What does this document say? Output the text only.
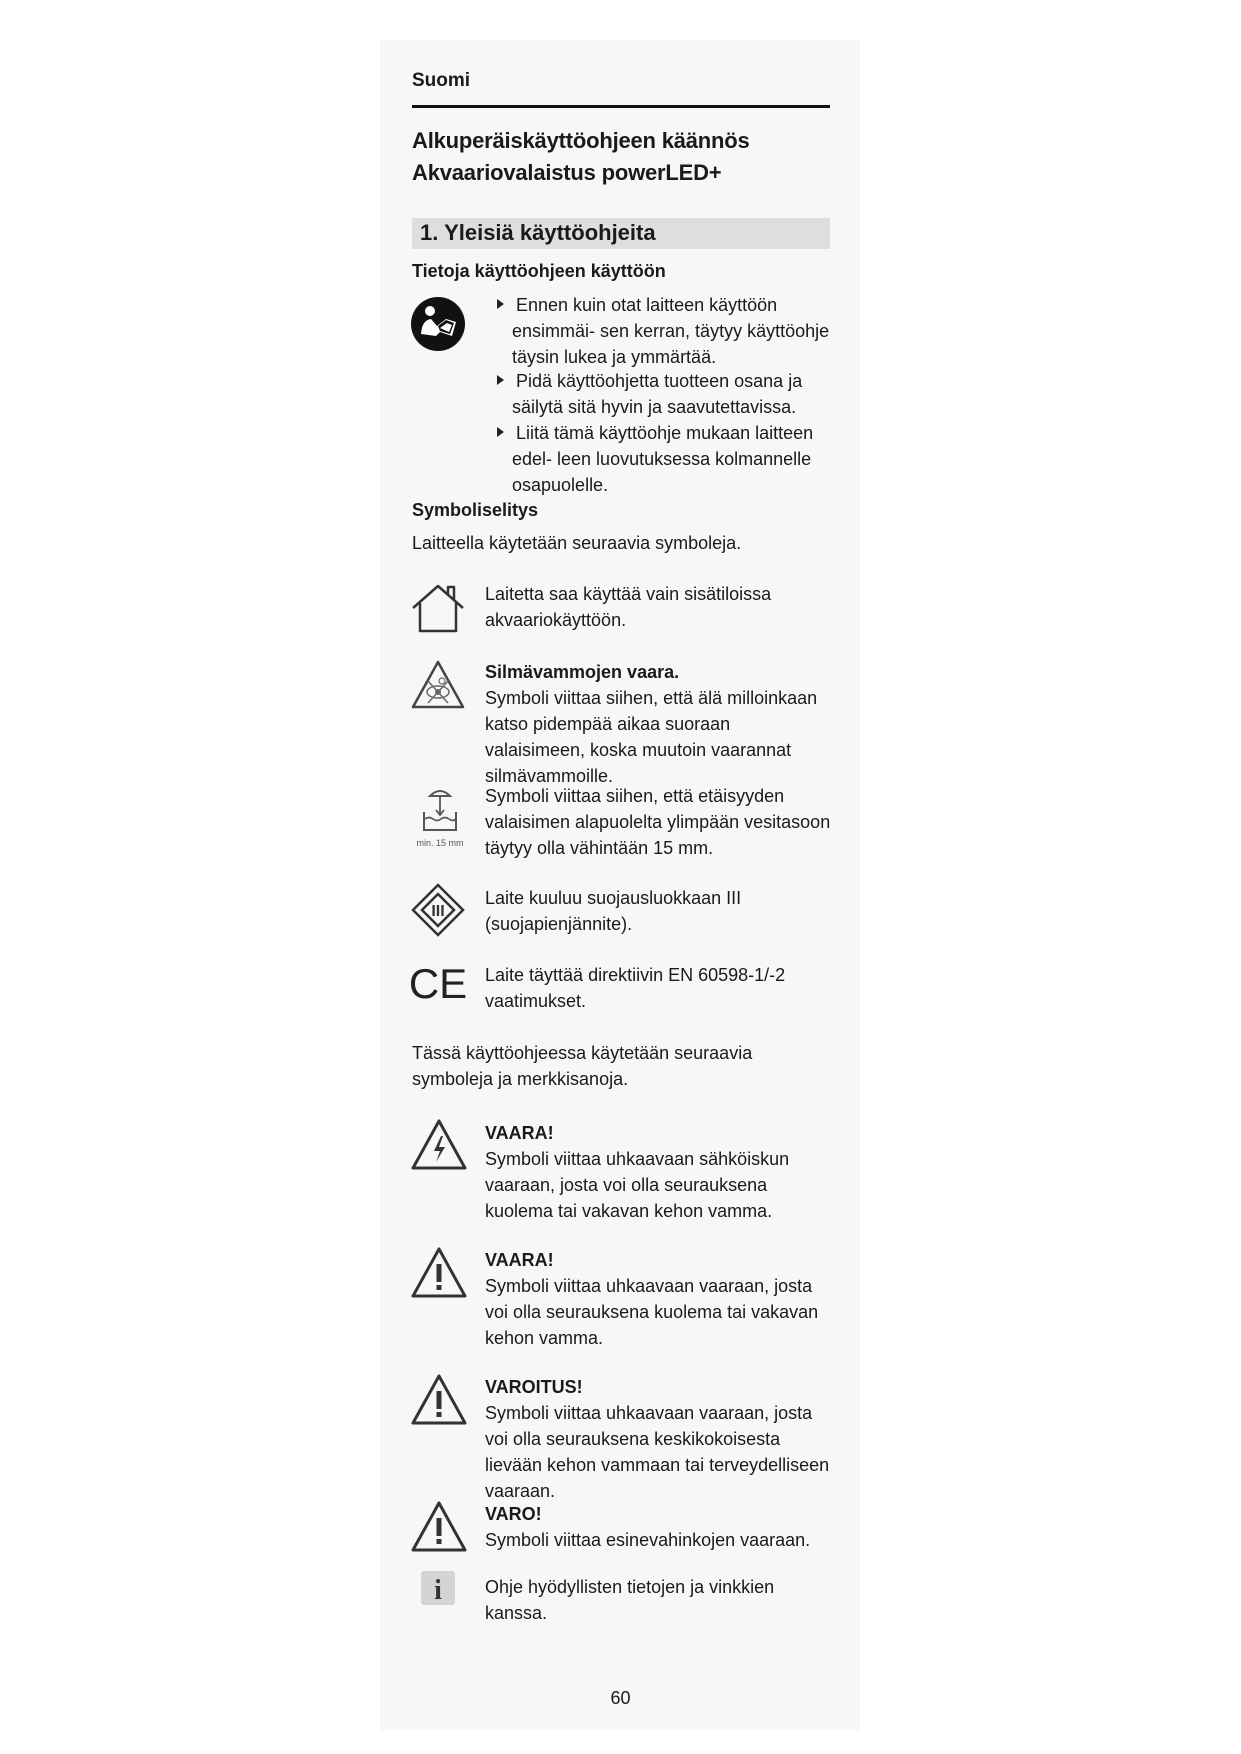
Suomi
Alkuperäiskäyttöohjeen käännös
Akvaariovalaistus powerLED+
1. Yleisiä käyttöohjeita
Tietoja käyttöohjeen käyttöön
Ennen kuin otat laitteen käyttöön ensimmäi- sen kerran, täytyy käyttöohje täysin lukea ja ymmärtää.
Pidä käyttöohjetta tuotteen osana ja säilytä sitä hyvin ja saavutettavissa.
Liitä tämä käyttöohje mukaan laitteen edel- leen luovutuksessa kolmannelle osapuolelle.
Symboliselitys
Laitteella käytetään seuraavia symboleja.
Laitetta saa käyttää vain sisätiloissa akvaariokäyttöön.
Silmävammojen vaara.
Symboli viittaa siihen, että älä milloinkaan katso pidempää aikaa suoraan valaisimeen, koska muutoin vaarannat silmävammoille.
min. 15 mm
Symboli viittaa siihen, että etäisyyden valaisimen alapuolelta ylimpään vesitasoon täytyy olla vähintään 15 mm.
III
Laite kuuluu suojausluokkaan III (suojapienjännite).
CE Laite täyttää direktiivin EN 60598-1/-2 vaatimukset.
Tässä käyttöohjeessa käytetään seuraavia symboleja ja merkkisanoja.
VAARA!
Symboli viittaa uhkaavaan sähköiskun vaaraan, josta voi olla seurauksena kuolema tai vakavan kehon vamma.
VAARA!
Symboli viittaa uhkaavaan vaaraan, josta voi olla seurauksena kuolema tai vakavan kehon vamma.
VAROITUS!
Symboli viittaa uhkaavaan vaaraan, josta voi olla seurauksena keskikokoisesta lievään kehon vammaan tai terveydelliseen vaaraan.
VARO!
Symboli viittaa esinevahinkojen vaaraan.
i Ohje hyödyllisten tietojen ja vinkkien kanssa.
60
